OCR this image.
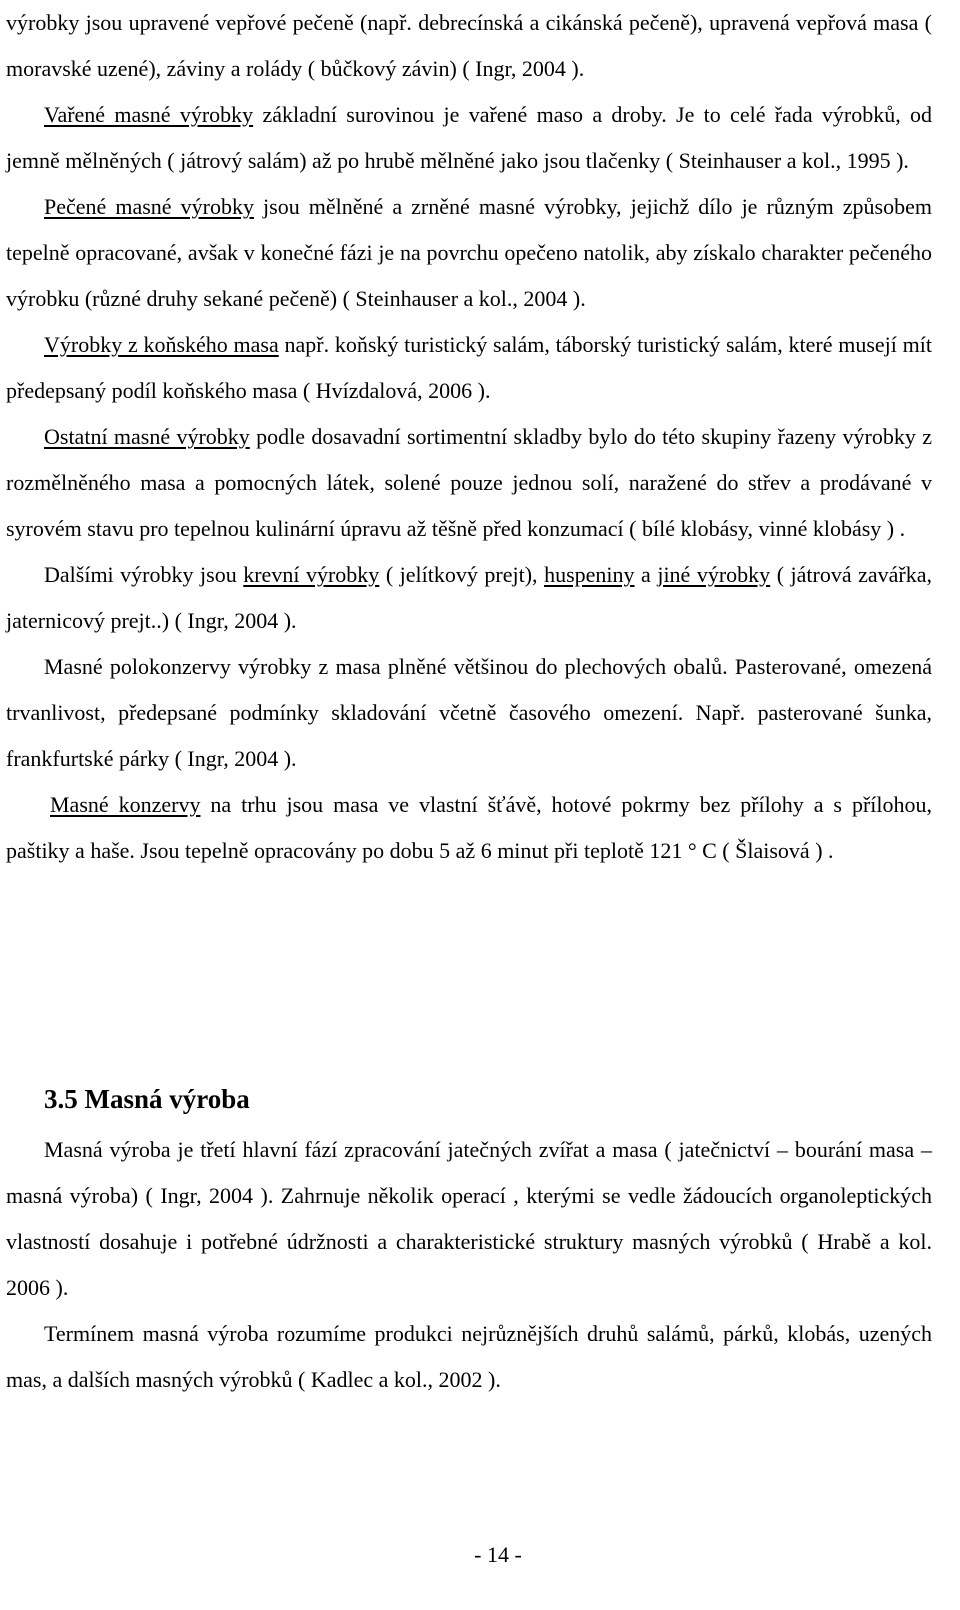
výrobky jsou upravené vepřové pečeně (např. debrecínská a cikánská pečeně), upravená vepřová masa ( moravské uzené), záviny a rolády ( bůčkový závin) ( Ingr, 2004 ).

Vařené masné výrobky základní surovinou je vařené maso a droby. Je to celé řada výrobků, od jemně mělněných ( játrový salám) až po hrubě mělněné jako jsou tlačenky ( Steinhauser a kol., 1995 ).

Pečené masné výrobky jsou mělněné a zrněné masné výrobky, jejichž dílo je různým způsobem tepelně opracované, avšak v konečné fázi je na povrchu opečeno natolik, aby získalo charakter pečeného výrobku (různé druhy sekané pečeně) ( Steinhauser a kol., 2004 ).

Výrobky z koňského masa např. koňský turistický salám, táborský turistický salám, které musejí mít předepsaný podíl koňského masa ( Hvízdalová, 2006 ).

Ostatní masné výrobky podle dosavadní sortimentní skladby bylo do této skupiny řazeny výrobky z rozmělněného masa a pomocných látek, solené pouze jednou solí, naražené do střev a prodávané v syrovém stavu pro tepelnou kulinární úpravu až těšně před konzumací ( bílé klobásy, vinné klobásy ) .

Dalšími výrobky jsou krevní výrobky ( jelítkový prejt), huspeniny a jiné výrobky ( játrová zavářka, jaternicový prejt..) ( Ingr, 2004 ).

Masné polokonzervy výrobky z masa plněné většinou do plechových obalů. Pasterované, omezená trvanlivost, předepsané podmínky skladování včetně časového omezení. Např. pasterované šunka, frankfurtské párky ( Ingr, 2004 ).

Masné konzervy na trhu jsou masa ve vlastní šťávě, hotové pokrmy bez přílohy a s přílohou, paštiky a haše. Jsou tepelně opracovány po dobu 5 až 6 minut při teplotě 121 ° C ( Šlaisová ) .

3.5 Masná výroba

Masná výroba je třetí hlavní fází zpracování jatečných zvířat a masa ( jatečnictví – bourání masa – masná výroba) ( Ingr, 2004 ). Zahrnuje několik operací , kterými se vedle žádoucích organoleptických vlastností dosahuje i potřebné údržnosti a charakteristické struktury masných výrobků ( Hrabě a kol. 2006 ).

Termínem masná výroba rozumíme produkci nejrůznějších druhů salámů, párků, klobás, uzených mas, a dalších masných výrobků ( Kadlec a kol., 2002 ).

- 14 -
